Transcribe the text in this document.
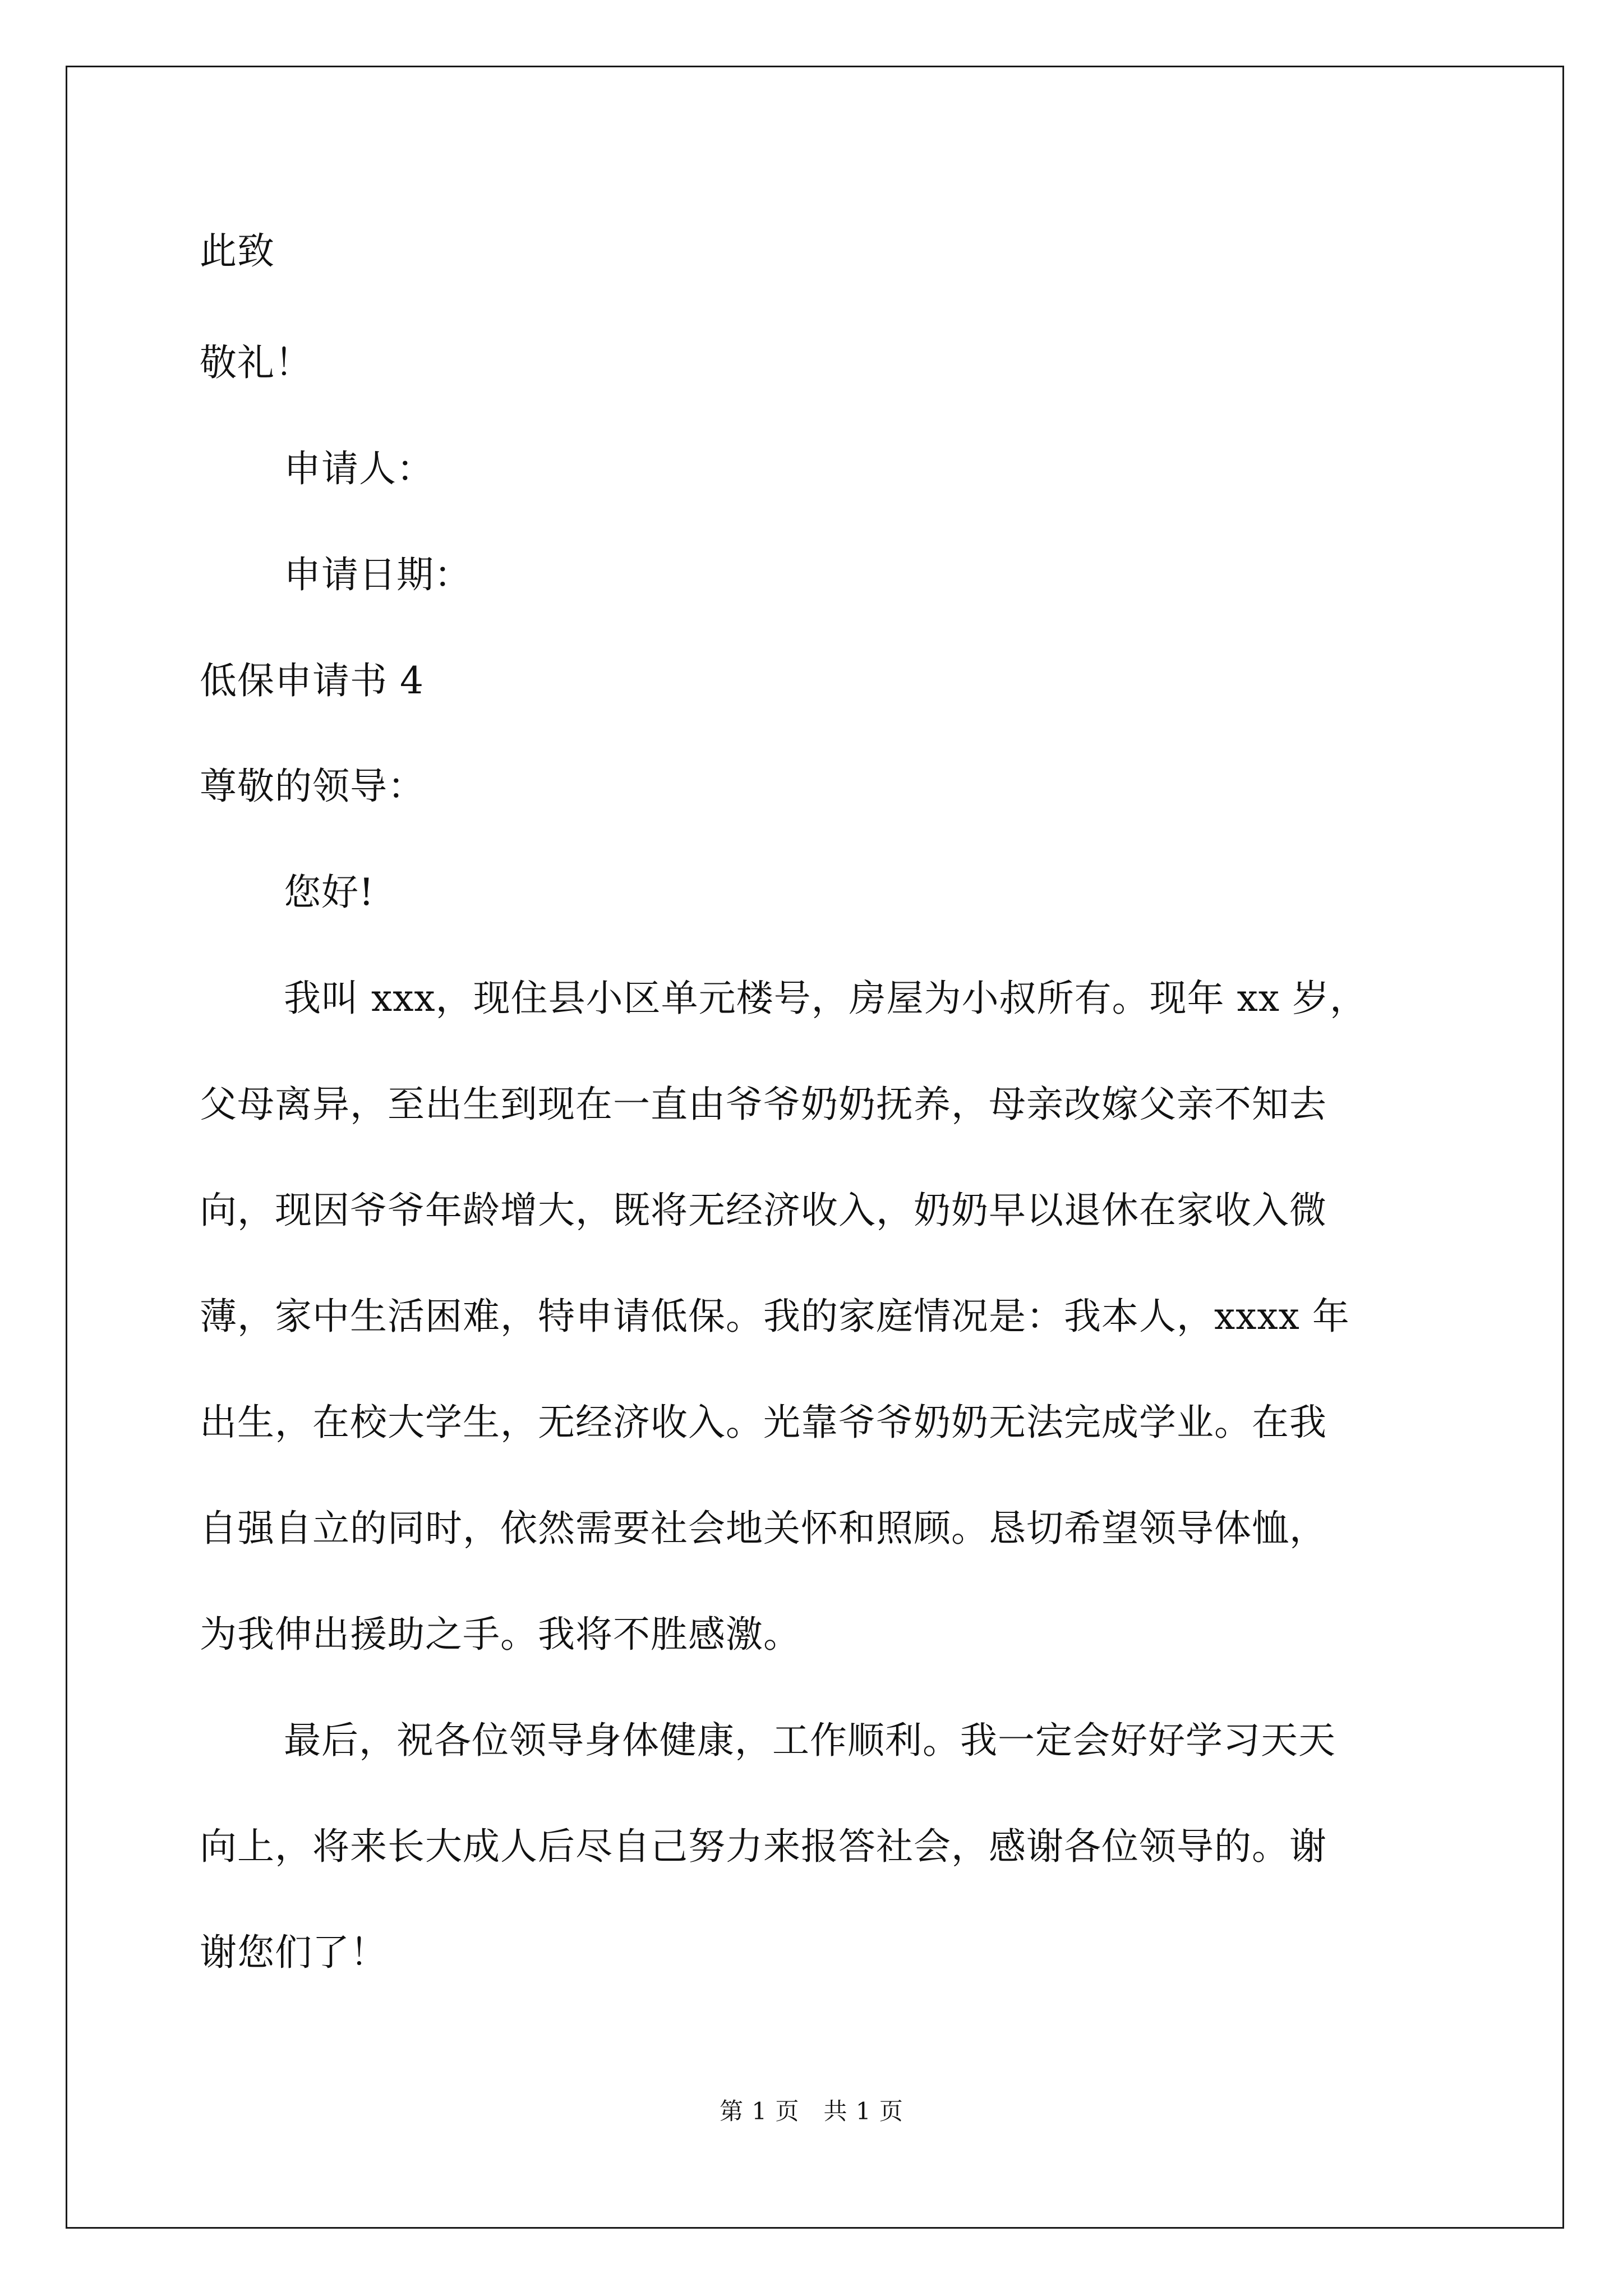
此致
敬礼！
申请人：
申请日期：
低保申请书 4
尊敬的领导：
您好!
我叫 xxx，现住县小区单元楼号，房屋为小叔所有。现年 xx 岁，
父母离异，至出生到现在一直由爷爷奶奶抚养，母亲改嫁父亲不知去
向，现因爷爷年龄增大，既将无经济收入，奶奶早以退休在家收入微
薄，家中生活困难，特申请低保。我的家庭情况是：我本人，xxxx 年
出生，在校大学生，无经济收入。光靠爷爷奶奶无法完成学业。在我
自强自立的同时，依然需要社会地关怀和照顾。恳切希望领导体恤，
为我伸出援助之手。我将不胜感激。
最后，祝各位领导身体健康，工作顺利。我一定会好好学习天天
向上，将来长大成人后尽自己努力来报答社会，感谢各位领导的。谢
谢您们了！
第 1 页　共 1 页
